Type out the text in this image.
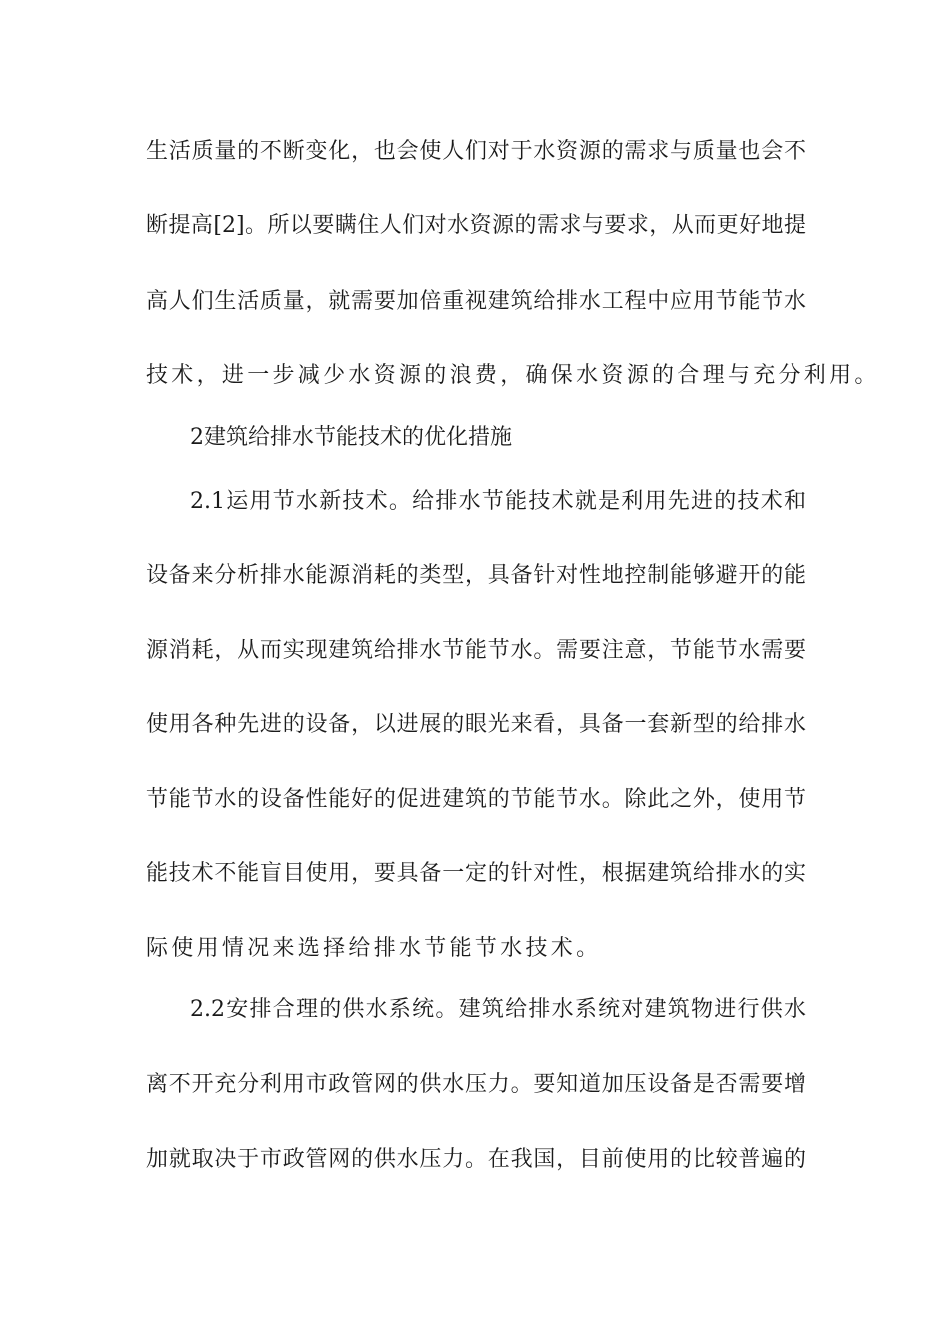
生活质量的不断变化，也会使人们对于水资源的需求与质量也会不
断提高[2]。所以要瞒住人们对水资源的需求与要求，从而更好地提
高人们生活质量，就需要加倍重视建筑给排水工程中应用节能节水
技术，进一步减少水资源的浪费，确保水资源的合理与充分利用。
2建筑给排水节能技术的优化措施
2.1运用节水新技术。给排水节能技术就是利用先进的技术和
设备来分析排水能源消耗的类型，具备针对性地控制能够避开的能
源消耗，从而实现建筑给排水节能节水。需要注意，节能节水需要
使用各种先进的设备，以进展的眼光来看，具备一套新型的给排水
节能节水的设备性能好的促进建筑的节能节水。除此之外，使用节
能技术不能盲目使用，要具备一定的针对性，根据建筑给排水的实
际使用情况来选择给排水节能节水技术。
2.2安排合理的供水系统。建筑给排水系统对建筑物进行供水
离不开充分利用市政管网的供水压力。要知道加压设备是否需要增
加就取决于市政管网的供水压力。在我国，目前使用的比较普遍的
